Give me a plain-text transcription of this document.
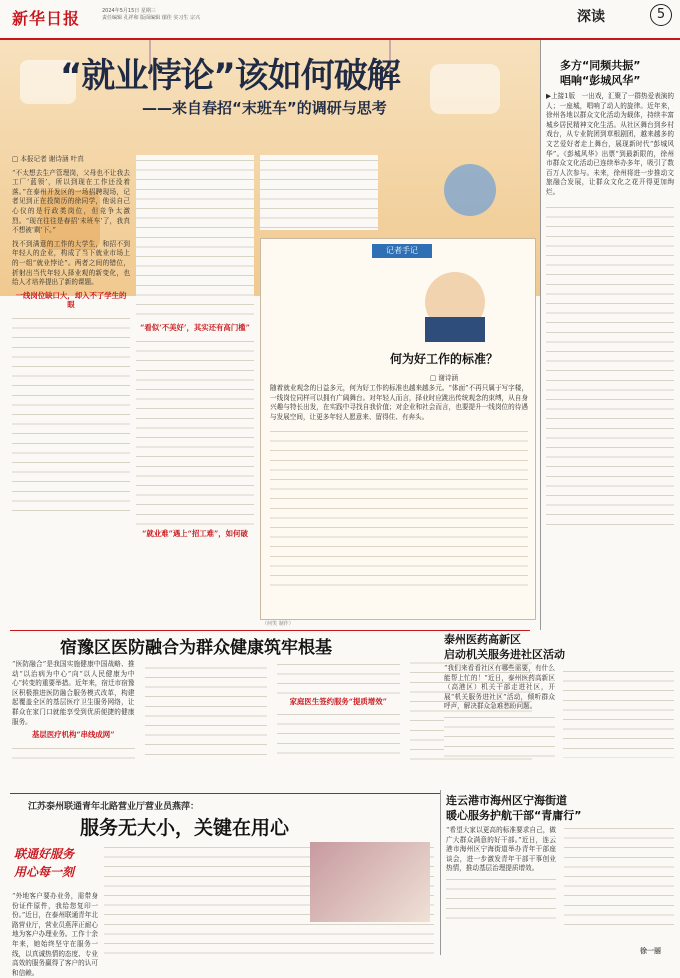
新华日报	2024年5月15日 星期三
责任编辑 孔祥和 版面编辑 郁佳 实习生 宗兴	深读	5
“就业悖论”该如何破解
——来自春招“末班车”的调研与思考
□ 本报记者 谢诗涵 叶真
“不太想去生产管理岗，父母也不让我去工厂‘蓝领’，所以到现在工作还没着落。”在泰州开发区的一场招聘现场，记者见到正在投简历的徐同学，他说自己心仪的是行政类岗位，但竞争太激烈。“现在往往是春招‘末班车’了，我真不想被‘剩’下。”
找不到满意的工作的大学生，和招不到年轻人的企业，构成了当下就业市场上的一组“就业悖论”。两者之间的错位，折射出当代年轻人择业观的新变化，也给人才培养提出了新的课题。
一线岗位缺口大，却入不了学生的眼
“看似‘不美好’，其实还有高门槛”
“就业难”遇上“招工难”，如何破
记者手记
何为好工作的标准？
□ 谢诗涵
随着就业观念的日益多元，何为好工作的标准也越来越多元。“体面”不再只属于写字楼，一线岗位同样可以拥有广阔舞台。对年轻人而言，择业时应跳出传统观念的束缚，从自身兴趣与特长出发，在实践中寻找自我价值；对企业和社会而言，也要提升一线岗位的待遇与发展空间，让更多年轻人愿意来、留得住、有奔头。
（何笑 制作）
多方“同频共振”
唱响“彭城风华”
▶上接1版　一出戏，汇聚了一群热爱表演的人；一座城，唱响了动人的旋律。近年来，徐州各地以群众文化活动为载体，持续丰富城乡居民精神文化生活。从社区舞台到乡村戏台，从专业院团到草根剧团，越来越多的文艺爱好者走上舞台，展现新时代“彭城风华”。《彭城风华》出票“到最新限的，徐州市群众文化活动已连续举办多年，吸引了数百万人次参与。未来，徐州将进一步推动文旅融合发展，让群众文化之花开得更加绚烂。
宿豫区医防融合为群众健康筑牢根基
“医防融合”是我国实施健康中国战略、推动“以治病为中心”向“以人民健康为中心”转变的重要举措。近年来，宿迁市宿豫区积极推进医防融合服务模式改革，构建起覆盖全区的基层医疗卫生服务网络，让群众在家门口就能享受到优质便捷的健康服务。
基层医疗机构“串线成网”
家庭医生签约服务“提质增效”
泰州医药高新区
启动机关服务进社区活动
“我们来看看社区有哪些需要，有什么能帮上忙的！”近日，泰州医药高新区（高港区）机关干部走进社区，开展“机关服务进社区”活动，倾听群众呼声，解决群众急难愁盼问题。
江苏泰州联通青年北路营业厅营业员燕萍：
服务无大小，关键在用心
联通好服务
用心每一刻
“外地客户要办业务，需带身份证件原件，我给您复印一份。”近日，在泰州联通青年北路营业厅，营业员燕萍正耐心地为客户办理业务。工作十余年来，她始终坚守在服务一线，以真诚热情的态度、专业高效的服务赢得了客户的认可和信赖。
连云港市海州区宁海街道
暖心服务护航干部“青庸行”
“希望大家以更高的标准要求自己，做广大群众满意的好干部。”近日，连云港市海州区宁海街道举办青年干部座谈会，进一步激发青年干部干事创业热情，推动基层治理提质增效。
徐一丽
